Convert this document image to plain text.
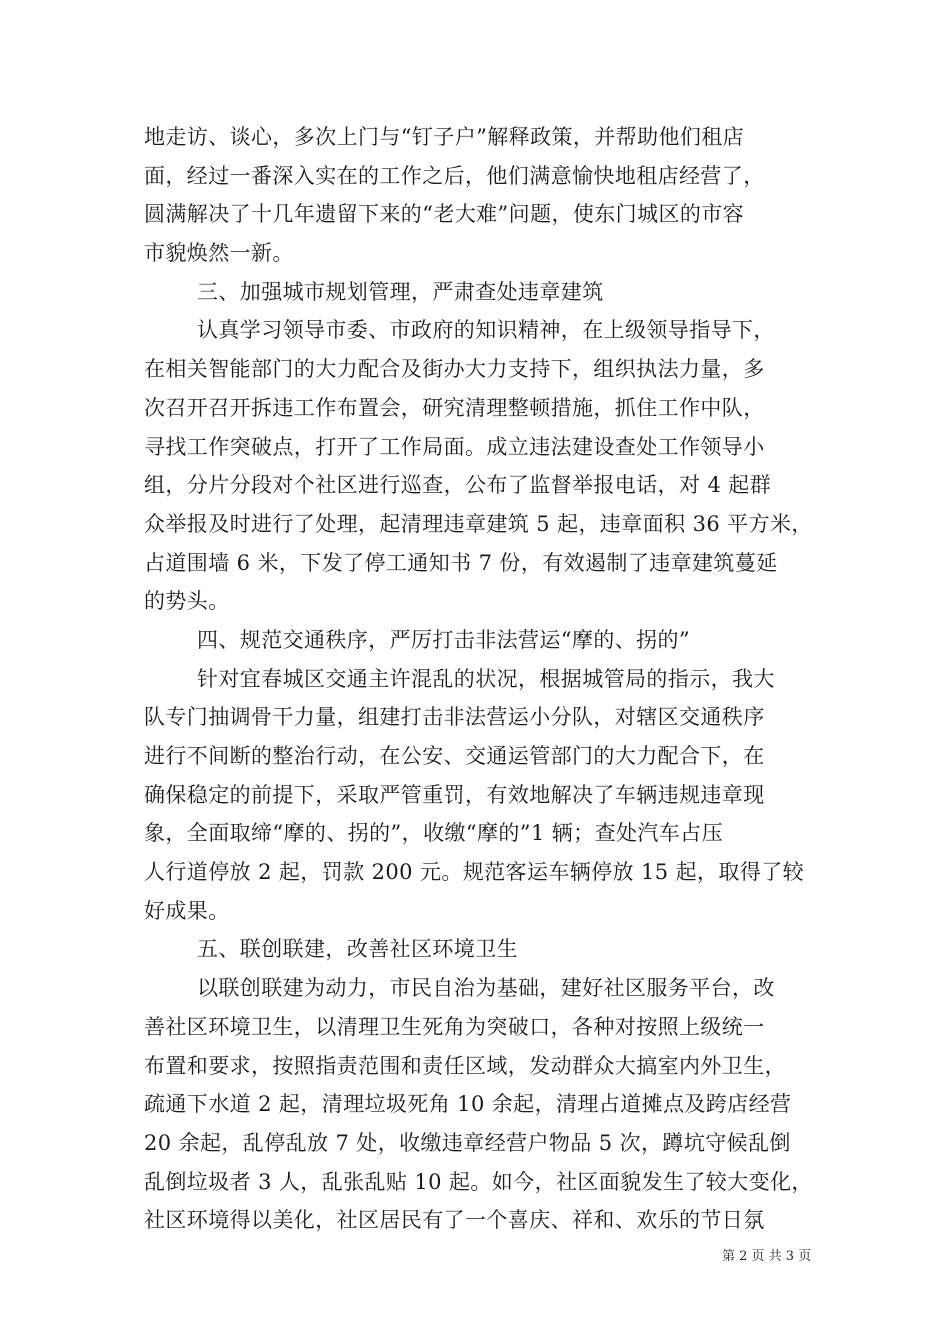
地走访、谈心，多次上门与“钉子户”解释政策，并帮助他们租店
面，经过一番深入实在的工作之后，他们满意愉快地租店经营了，
圆满解决了十几年遗留下来的“老大难”问题，使东门城区的市容
市貌焕然一新。
三、加强城市规划管理，严肃查处违章建筑
认真学习领导市委、市政府的知识精神，在上级领导指导下，
在相关智能部门的大力配合及街办大力支持下，组织执法力量，多
次召开召开拆违工作布置会，研究清理整顿措施，抓住工作中队，
寻找工作突破点，打开了工作局面。成立违法建设查处工作领导小
组，分片分段对个社区进行巡查，公布了监督举报电话，对 4 起群
众举报及时进行了处理，起清理违章建筑 5 起，违章面积 36 平方米，
占道围墙 6 米，下发了停工通知书 7 份，有效遏制了违章建筑蔓延
的势头。
四、规范交通秩序，严厉打击非法营运“摩的、拐的”
针对宜春城区交通主许混乱的状况，根据城管局的指示，我大
队专门抽调骨干力量，组建打击非法营运小分队，对辖区交通秩序
进行不间断的整治行动，在公安、交通运管部门的大力配合下，在
确保稳定的前提下，采取严管重罚，有效地解决了车辆违规违章现
象，全面取缔“摩的、拐的”，收缴“摩的”1 辆；查处汽车占压
人行道停放 2 起，罚款 200 元。规范客运车辆停放 15 起，取得了较
好成果。
五、联创联建，改善社区环境卫生
以联创联建为动力，市民自治为基础，建好社区服务平台，改
善社区环境卫生，以清理卫生死角为突破口，各种对按照上级统一
布置和要求，按照指责范围和责任区域，发动群众大搞室内外卫生，
疏通下水道 2 起，清理垃圾死角 10 余起，清理占道摊点及跨店经营
20 余起，乱停乱放 7 处，收缴违章经营户物品 5 次，蹲坑守候乱倒
乱倒垃圾者 3 人，乱张乱贴 10 起。如今，社区面貌发生了较大变化，
社区环境得以美化，社区居民有了一个喜庆、祥和、欢乐的节日氛
第 2 页 共 3 页
